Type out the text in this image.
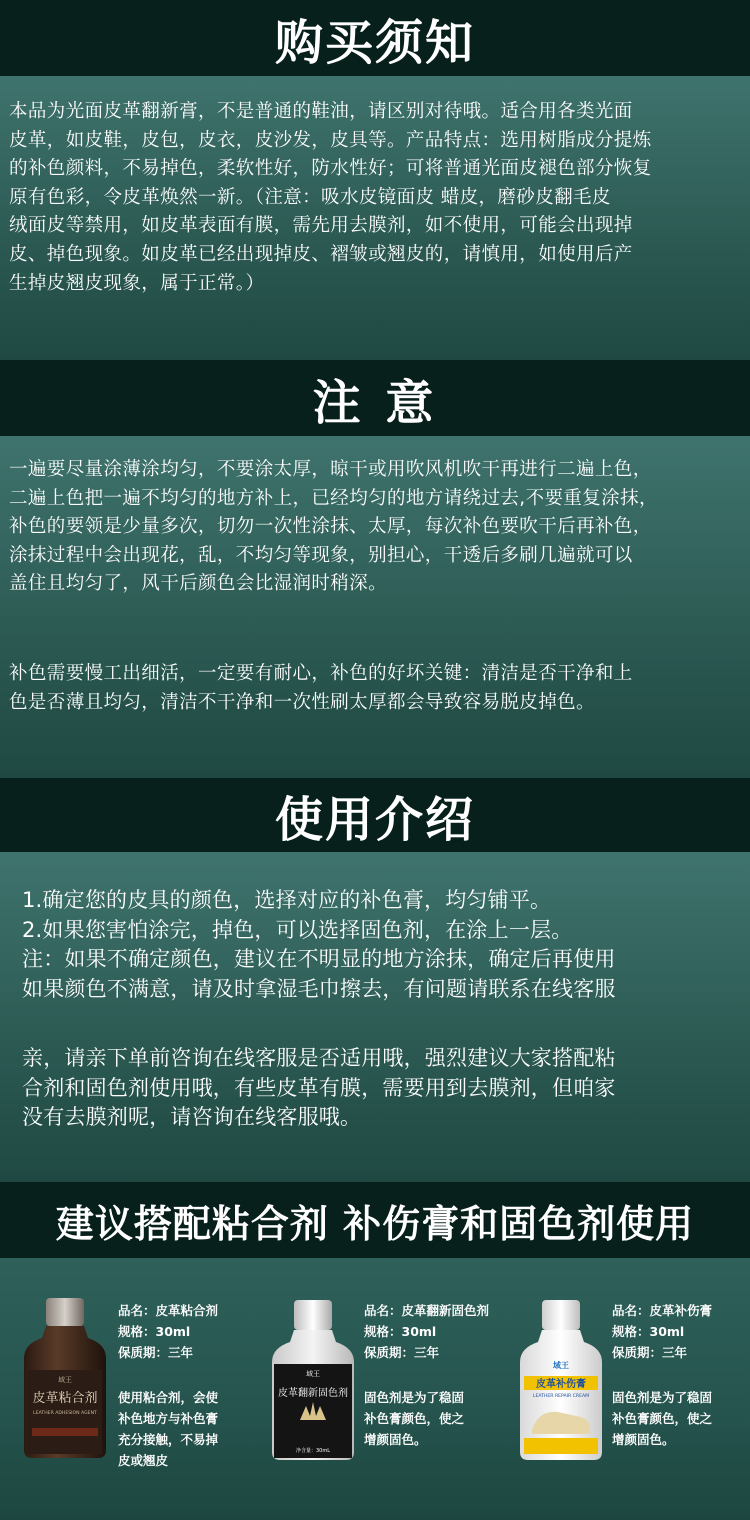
购买须知
本品为光面皮革翻新膏，不是普通的鞋油，请区别对待哦。适合用各类光面
皮革，如皮鞋，皮包，皮衣，皮沙发，皮具等。产品特点：选用树脂成分提炼
的补色颜料，不易掉色，柔软性好，防水性好；可将普通光面皮褪色部分恢复
原有色彩，令皮革焕然一新。（注意：吸水皮镜面皮 蜡皮，磨砂皮翻毛皮
绒面皮等禁用，如皮革表面有膜，需先用去膜剂，如不使用，可能会出现掉
皮、掉色现象。如皮革已经出现掉皮、褶皱或翘皮的，请慎用，如使用后产
生掉皮翘皮现象，属于正常。）
注 意
一遍要尽量涂薄涂均匀，不要涂太厚，晾干或用吹风机吹干再进行二遍上色，
二遍上色把一遍不均匀的地方补上，已经均匀的地方请绕过去,不要重复涂抹，
补色的要领是少量多次，切勿一次性涂抹、太厚，每次补色要吹干后再补色，
涂抹过程中会出现花，乱，不均匀等现象，别担心，干透后多刷几遍就可以
盖住且均匀了，风干后颜色会比湿润时稍深。
补色需要慢工出细活，一定要有耐心，补色的好坏关键：清洁是否干净和上
色是否薄且均匀，清洁不干净和一次性刷太厚都会导致容易脱皮掉色。
使用介绍
1.确定您的皮具的颜色，选择对应的补色膏，均匀铺平。
2.如果您害怕涂完，掉色，可以选择固色剂，在涂上一层。
注：如果不确定颜色，建议在不明显的地方涂抹，确定后再使用
如果颜色不满意，请及时拿湿毛巾擦去，有问题请联系在线客服
亲，请亲下单前咨询在线客服是否适用哦，强烈建议大家搭配粘
合剂和固色剂使用哦，有些皮革有膜，需要用到去膜剂，但咱家
没有去膜剂呢，请咨询在线客服哦。
建议搭配粘合剂 补伤膏和固色剂使用
域王
皮革粘合剂
LEATHER ADHESION AGENT
品名：皮革粘合剂
规格：30ml
保质期：三年
使用粘合剂，会使
补色地方与补色膏
充分接触，不易掉
皮或翘皮
域王
皮革翻新固色剂
净含量：30mL
品名：皮革翻新固色剂
规格：30ml
保质期：三年
固色剂是为了稳固
补色膏颜色，使之
增颜固色。
域王
皮革补伤膏
LEATHER REPAIR CREAM
品名：皮革补伤膏
规格：30ml
保质期：三年
固色剂是为了稳固
补色膏颜色，使之
增颜固色。
